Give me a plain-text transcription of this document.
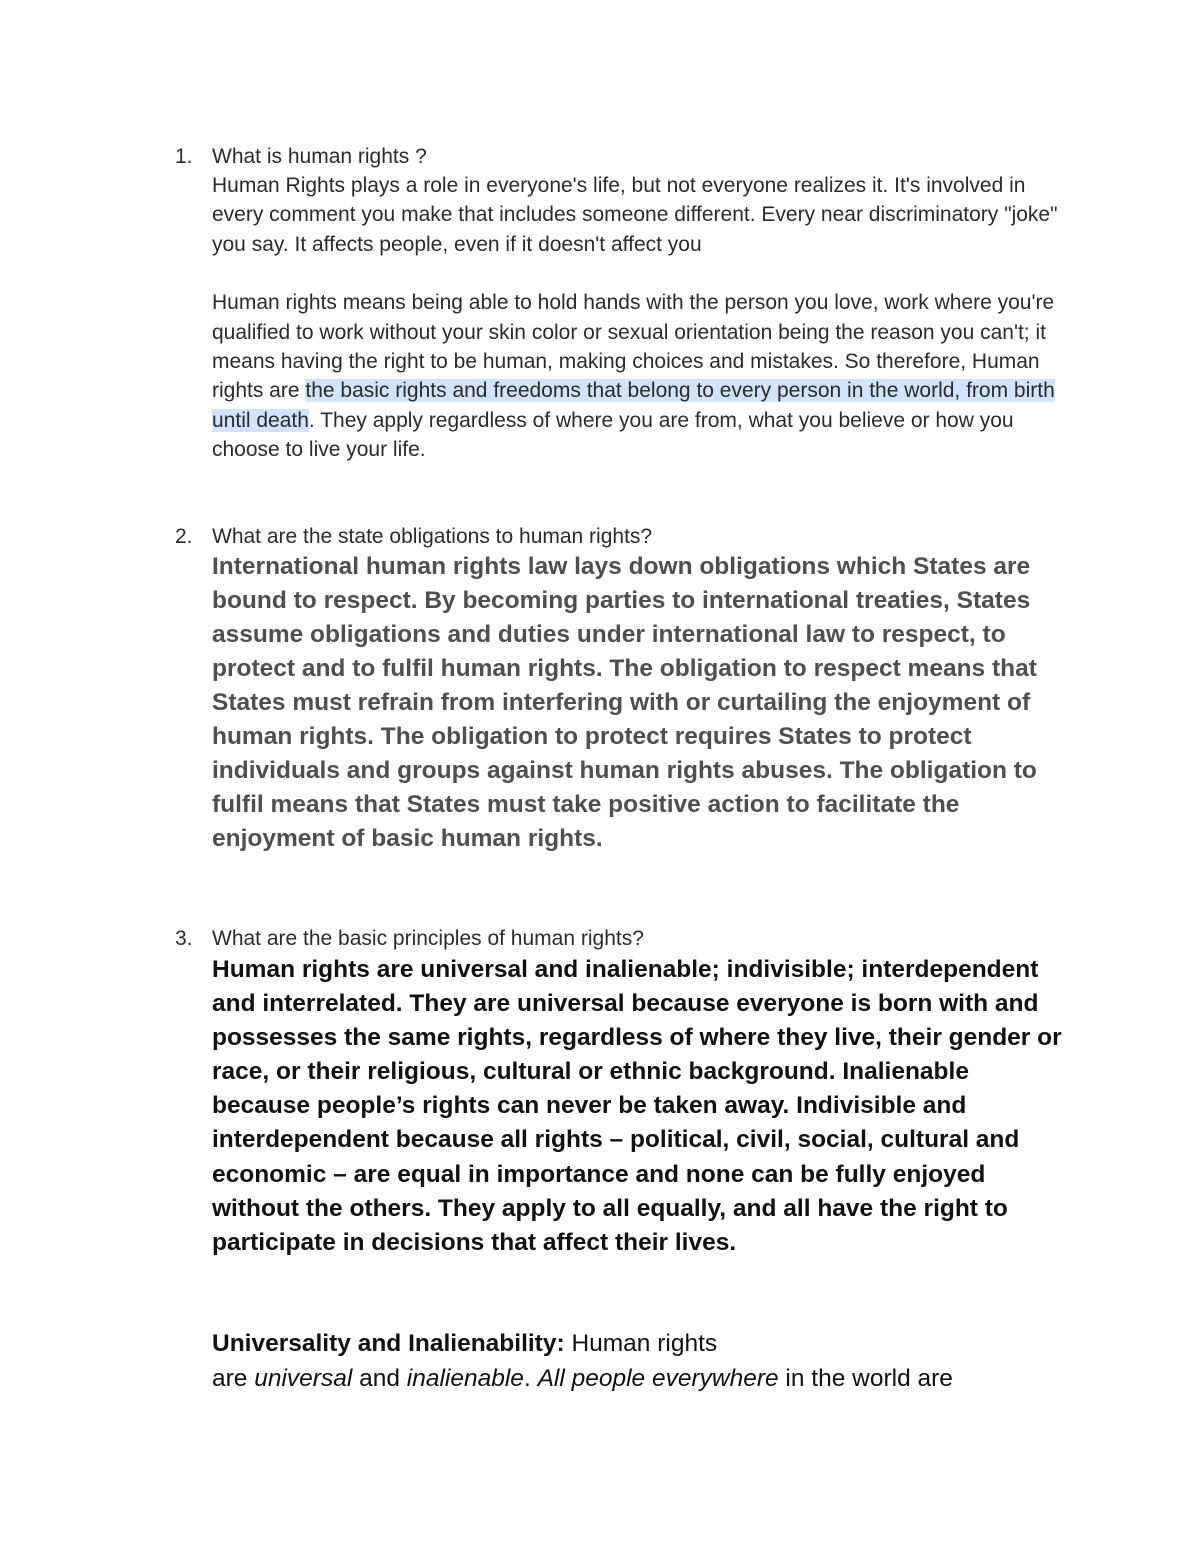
1. What is human rights ?

Human Rights plays a role in everyone's life, but not everyone realizes it. It's involved in every comment you make that includes someone different. Every near discriminatory "joke" you say. It affects people, even if it doesn't affect you

Human rights means being able to hold hands with the person you love, work where you're qualified to work without your skin color or sexual orientation being the reason you can't; it means having the right to be human, making choices and mistakes. So therefore, Human rights are the basic rights and freedoms that belong to every person in the world, from birth until death. They apply regardless of where you are from, what you believe or how you choose to live your life.

2. What are the state obligations to human rights?

International human rights law lays down obligations which States are bound to respect. By becoming parties to international treaties, States assume obligations and duties under international law to respect, to protect and to fulfil human rights. The obligation to respect means that States must refrain from interfering with or curtailing the enjoyment of human rights. The obligation to protect requires States to protect individuals and groups against human rights abuses. The obligation to fulfil means that States must take positive action to facilitate the enjoyment of basic human rights.

3. What are the basic principles of human rights?

Human rights are universal and inalienable; indivisible; interdependent and interrelated. They are universal because everyone is born with and possesses the same rights, regardless of where they live, their gender or race, or their religious, cultural or ethnic background. Inalienable because people’s rights can never be taken away. Indivisible and interdependent because all rights – political, civil, social, cultural and economic – are equal in importance and none can be fully enjoyed without the others. They apply to all equally, and all have the right to participate in decisions that affect their lives.

Universality and Inalienability: Human rights

are universal and inalienable. All people everywhere in the world are
